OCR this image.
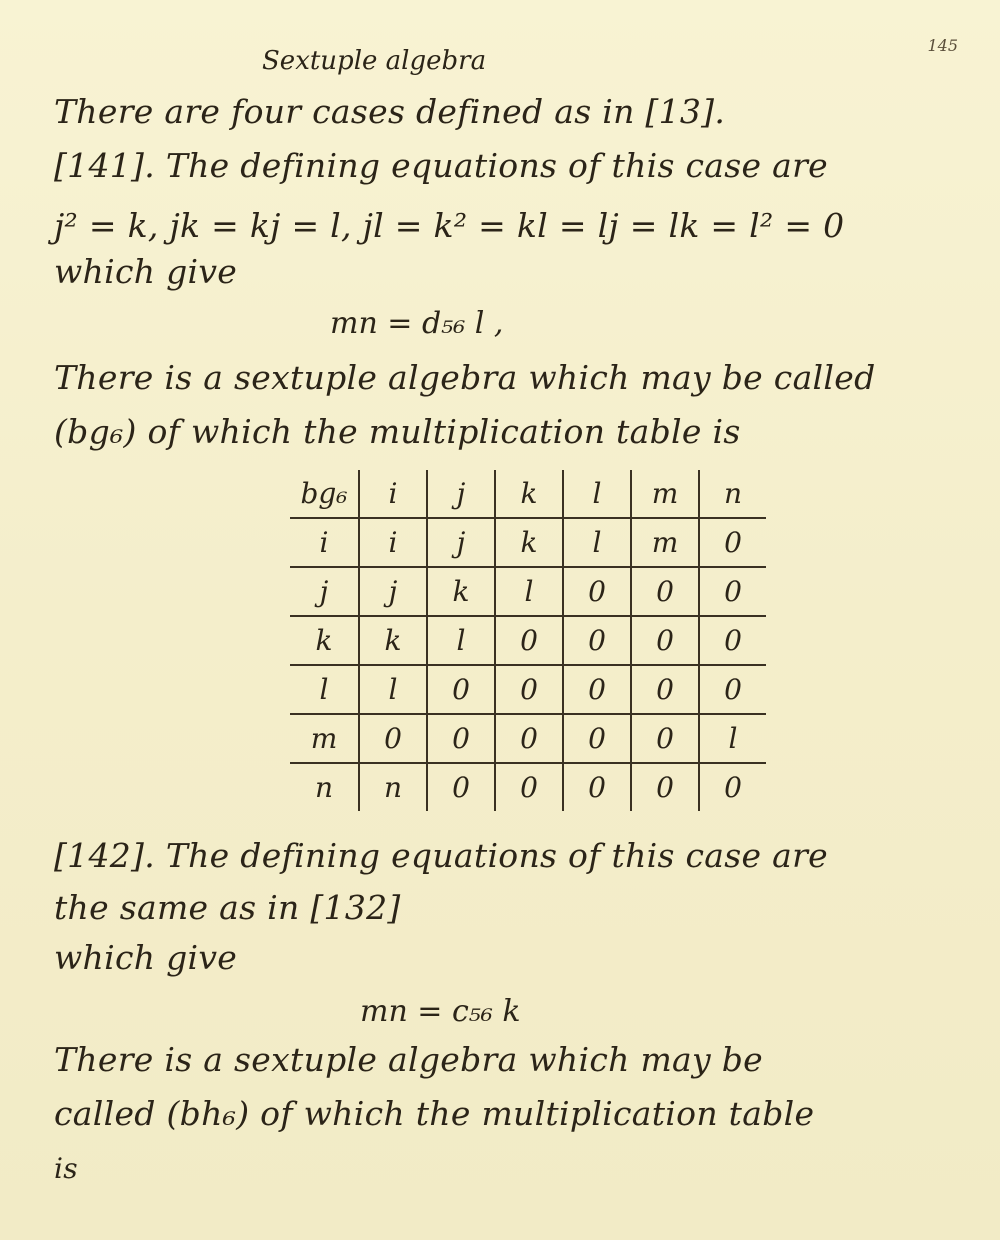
145
Sextuple algebra
There are four cases defined as in [13].
[141]. The defining equations of this case are
j² = k, jk = kj = l, jl = k² = kl = lj = lk = l² = 0
which give
mn = d₅₆ l ,
There is a sextuple algebra which may be called
(bg₆) of which the multiplication table is
bg₆	i	j	k	l	m	n
i	i	j	k	l	m	0
j	j	k	l	0	0	0
k	k	l	0	0	0	0
l	l	0	0	0	0	0
m	0	0	0	0	0	l
n	n	0	0	0	0	0
[142]. The defining equations of this case are
the same as in [132]
which give
mn = c₅₆ k
There is a sextuple algebra which may be
called (bh₆) of which the multiplication table
is
